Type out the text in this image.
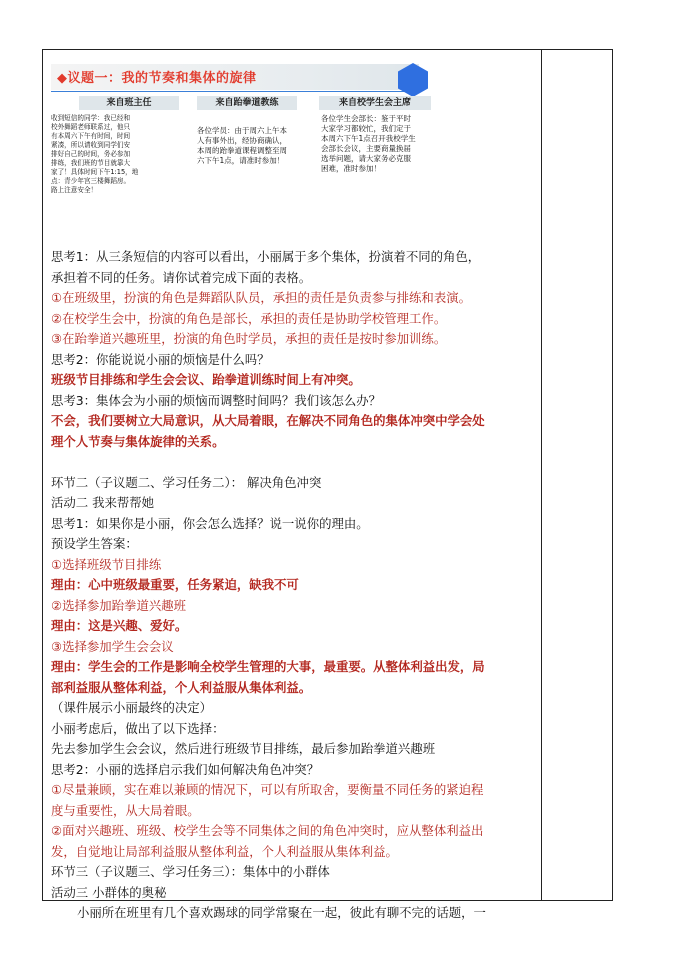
◆议题一：我的节奏和集体的旋律
来自班主任	来自跆拳道教练	来自校学生会主席
收到短信的同学：我已经和
校外舞蹈老师联系过，他只
有本周六下午有时间，时间
紧凑，所以请收到同学们安
排好自己的时间，务必参加
排练，我们班的节目就靠大
家了！具体时间下午1:15，地
点：青少年宫三楼舞蹈房。
路上注意安全！
各位学员：由于周六上午本
人有事外出，经协商确认，
本周的跆拳道课程调整至周
六下午1点，请准时参加！
各位学生会部长：鉴于平时
大家学习都较忙，我们定于
本周六下午1点召开我校学生
会部长会议，主要商量换届
选举问题，请大家务必克服
困难，准时参加！
思考1：从三条短信的内容可以看出，小丽属于多个集体，扮演着不同的角色，
承担着不同的任务。请你试着完成下面的表格。
①在班级里，扮演的角色是舞蹈队队员，承担的责任是负责参与排练和表演。
②在校学生会中，扮演的角色是部长，承担的责任是协助学校管理工作。
③在跆拳道兴趣班里，扮演的角色时学员，承担的责任是按时参加训练。
思考2：你能说说小丽的烦恼是什么吗？
班级节目排练和学生会会议、跆拳道训练时间上有冲突。
思考3：集体会为小丽的烦恼而调整时间吗？我们该怎么办？
不会，我们要树立大局意识，从大局着眼，在解决不同角色的集体冲突中学会处
理个人节奏与集体旋律的关系。
环节二（子议题二、学习任务二）： 解决角色冲突
活动二 我来帮帮她
思考1：如果你是小丽，你会怎么选择？说一说你的理由。
预设学生答案：
①选择班级节目排练
理由：心中班级最重要，任务紧迫，缺我不可
②选择参加跆拳道兴趣班
理由：这是兴趣、爱好。
③选择参加学生会会议
理由：学生会的工作是影响全校学生管理的大事，最重要。从整体利益出发，局
部利益服从整体利益，个人利益服从集体利益。
（课件展示小丽最终的决定）
小丽考虑后，做出了以下选择：
先去参加学生会会议，然后进行班级节目排练，最后参加跆拳道兴趣班
思考2：小丽的选择启示我们如何解决角色冲突？
①尽量兼顾，实在难以兼顾的情况下，可以有所取舍，要衡量不同任务的紧迫程
度与重要性，从大局着眼。
②面对兴趣班、班级、校学生会等不同集体之间的角色冲突时，应从整体利益出
发，自觉地让局部利益服从整体利益，个人利益服从集体利益。
环节三（子议题三、学习任务三）：集体中的小群体
活动三 小群体的奥秘
小丽所在班里有几个喜欢踢球的同学常聚在一起，彼此有聊不完的话题，一
